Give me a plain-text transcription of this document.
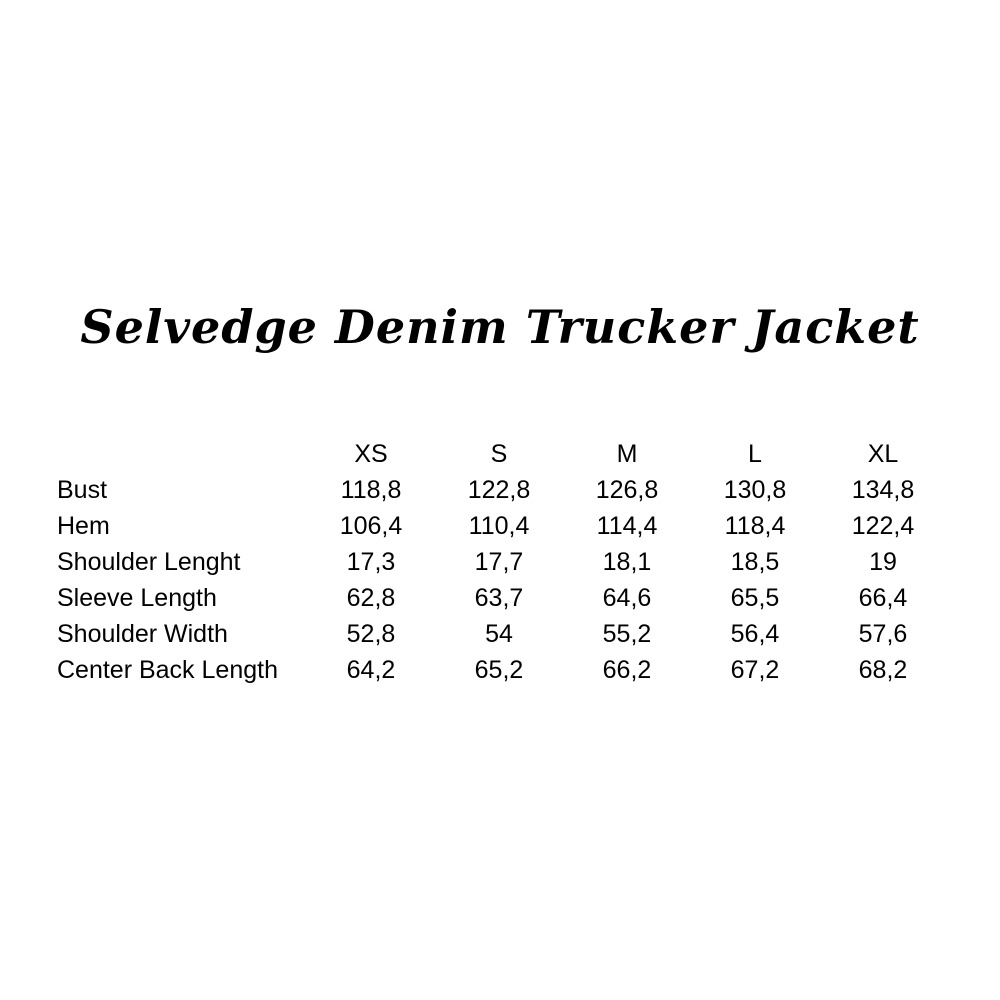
Selvedge Denim Trucker Jacket
XS	S	M	L	XL
Bust	118,8	122,8	126,8	130,8	134,8
Hem	106,4	110,4	114,4	118,4	122,4
Shoulder Lenght	17,3	17,7	18,1	18,5	19
Sleeve Length	62,8	63,7	64,6	65,5	66,4
Shoulder Width	52,8	54	55,2	56,4	57,6
Center Back Length	64,2	65,2	66,2	67,2	68,2
